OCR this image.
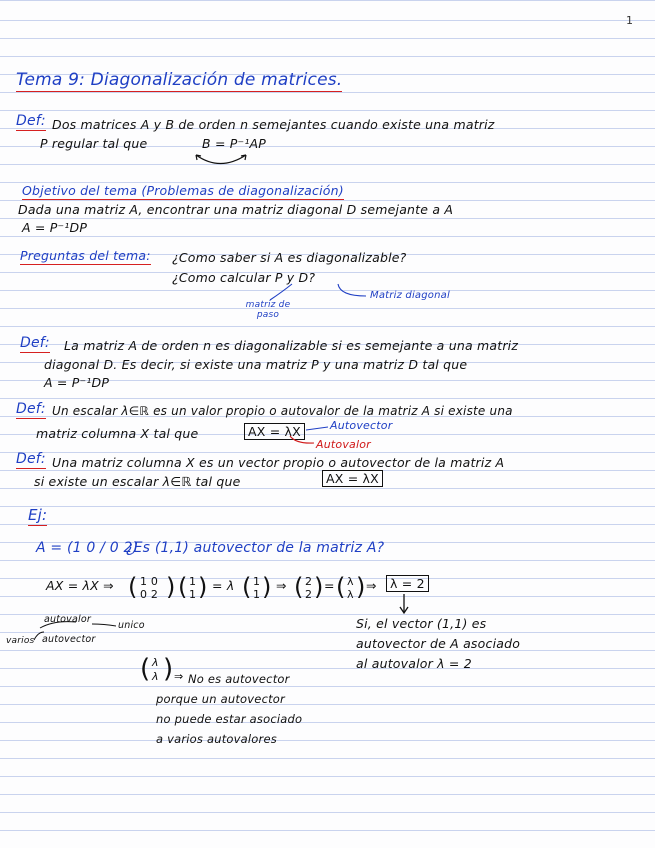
1
Tema 9: Diagonalización de matrices.
Def: Dos matrices A y B de orden n semejantes cuando existe una matriz
P regular tal que	B = P⁻¹AP
Objetivo del tema (Problemas de diagonalización)
Dada una matriz A, encontrar una matriz diagonal D semejante a A
A = P⁻¹DP
Preguntas del tema: ¿Como saber si A es diagonalizable?
¿Como calcular P y D?
matriz de paso
Matriz diagonal
Def: La matriz A de orden n es diagonalizable si es semejante a una matriz
diagonal D. Es decir, si existe una matriz P y una matriz D tal que
A = P⁻¹DP
Def: Un escalar λ∈ℝ es un valor propio o autovalor de la matriz A si existe una
matriz columna X tal que	AX = λX	Autovector
Autovalor
Def: Una matriz columna X es un vector propio o autovector de la matriz A
si existe un escalar λ∈ℝ tal que	AX = λX
Ej:
A = (1 0 / 0 2)
¿Es (1,1) autovector de la matriz A?
AX = λX ⇒ ( 1 0
0 2 ) ( 1
1 ) = λ ( 1
1 ) ⇒ ( 2
2 ) = ( λ
λ ) ⇒	λ = 2
autovalor
unico
varios autovector
Si, el vector (1,1) es
autovector de A asociado
al autovalor λ = 2
( λ
λ ) ⇒ No es autovector
porque un autovector
no puede estar asociado
a varios autovalores
